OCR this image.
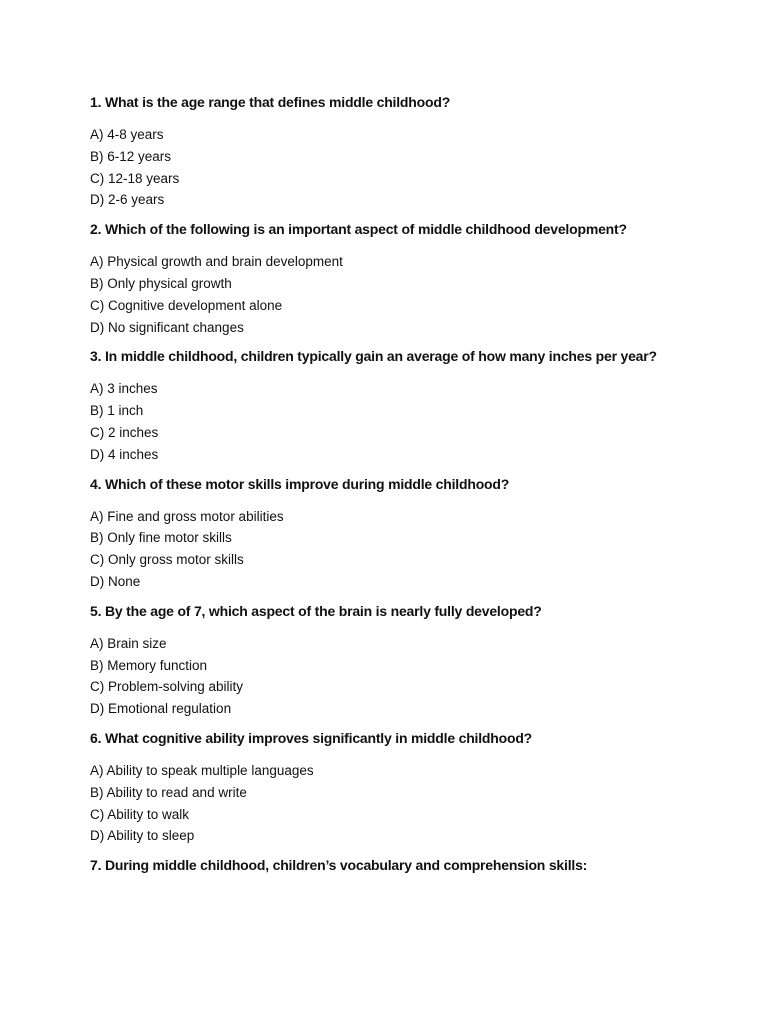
1. What is the age range that defines middle childhood?

A) 4-8 years
B) 6-12 years
C) 12-18 years
D) 2-6 years

2. Which of the following is an important aspect of middle childhood development?

A) Physical growth and brain development
B) Only physical growth
C) Cognitive development alone
D) No significant changes

3. In middle childhood, children typically gain an average of how many inches per year?

A) 3 inches
B) 1 inch
C) 2 inches
D) 4 inches

4. Which of these motor skills improve during middle childhood?

A) Fine and gross motor abilities
B) Only fine motor skills
C) Only gross motor skills
D) None

5. By the age of 7, which aspect of the brain is nearly fully developed?

A) Brain size
B) Memory function
C) Problem-solving ability
D) Emotional regulation

6. What cognitive ability improves significantly in middle childhood?

A) Ability to speak multiple languages
B) Ability to read and write
C) Ability to walk
D) Ability to sleep

7. During middle childhood, children’s vocabulary and comprehension skills:
